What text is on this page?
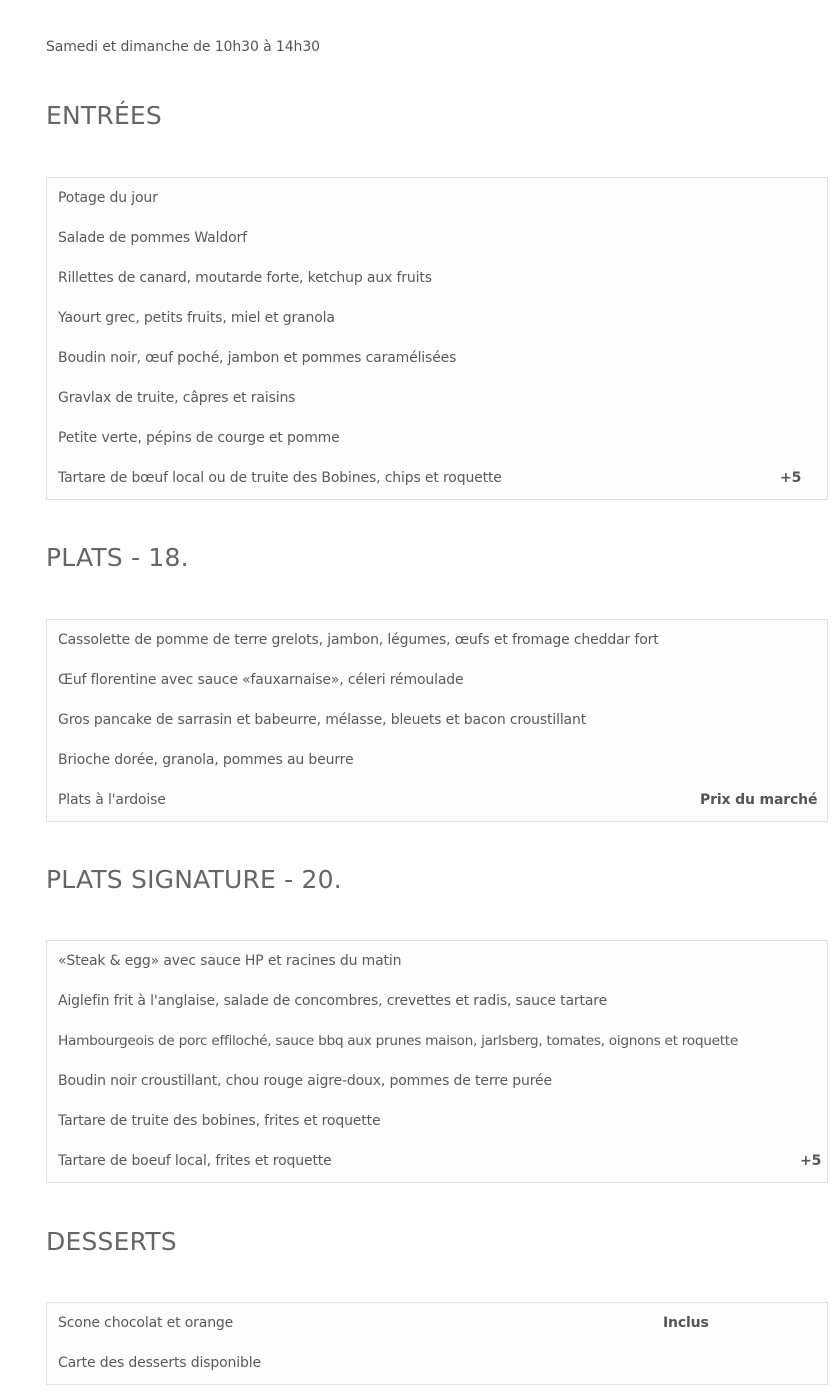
Samedi et dimanche de 10h30 à 14h30
ENTRÉES
Potage du jour
Salade de pommes Waldorf
Rillettes de canard, moutarde forte, ketchup aux fruits
Yaourt grec, petits fruits, miel et granola
Boudin noir, œuf poché, jambon et pommes caramélisées
Gravlax de truite, câpres et raisins
Petite verte, pépins de courge et pomme
Tartare de bœuf local ou de truite des Bobines, chips et roquette	+5
PLATS - 18.
Cassolette de pomme de terre grelots, jambon, légumes, œufs et fromage cheddar fort
Œuf florentine avec sauce «fauxarnaise», céleri rémoulade
Gros pancake de sarrasin et babeurre, mélasse, bleuets et bacon croustillant
Brioche dorée, granola, pommes au beurre
Plats à l'ardoise	Prix du marché
PLATS SIGNATURE - 20.
«Steak & egg» avec sauce HP et racines du matin
Aiglefin frit à l'anglaise, salade de concombres, crevettes et radis, sauce tartare
Hambourgeois de porc effiloché, sauce bbq aux prunes maison, jarlsberg, tomates, oignons et roquette
Boudin noir croustillant, chou rouge aigre-doux, pommes de terre purée
Tartare de truite des bobines, frites et roquette
Tartare de boeuf local, frites et roquette	+5
DESSERTS
Scone chocolat et orange	Inclus
Carte des desserts disponible
